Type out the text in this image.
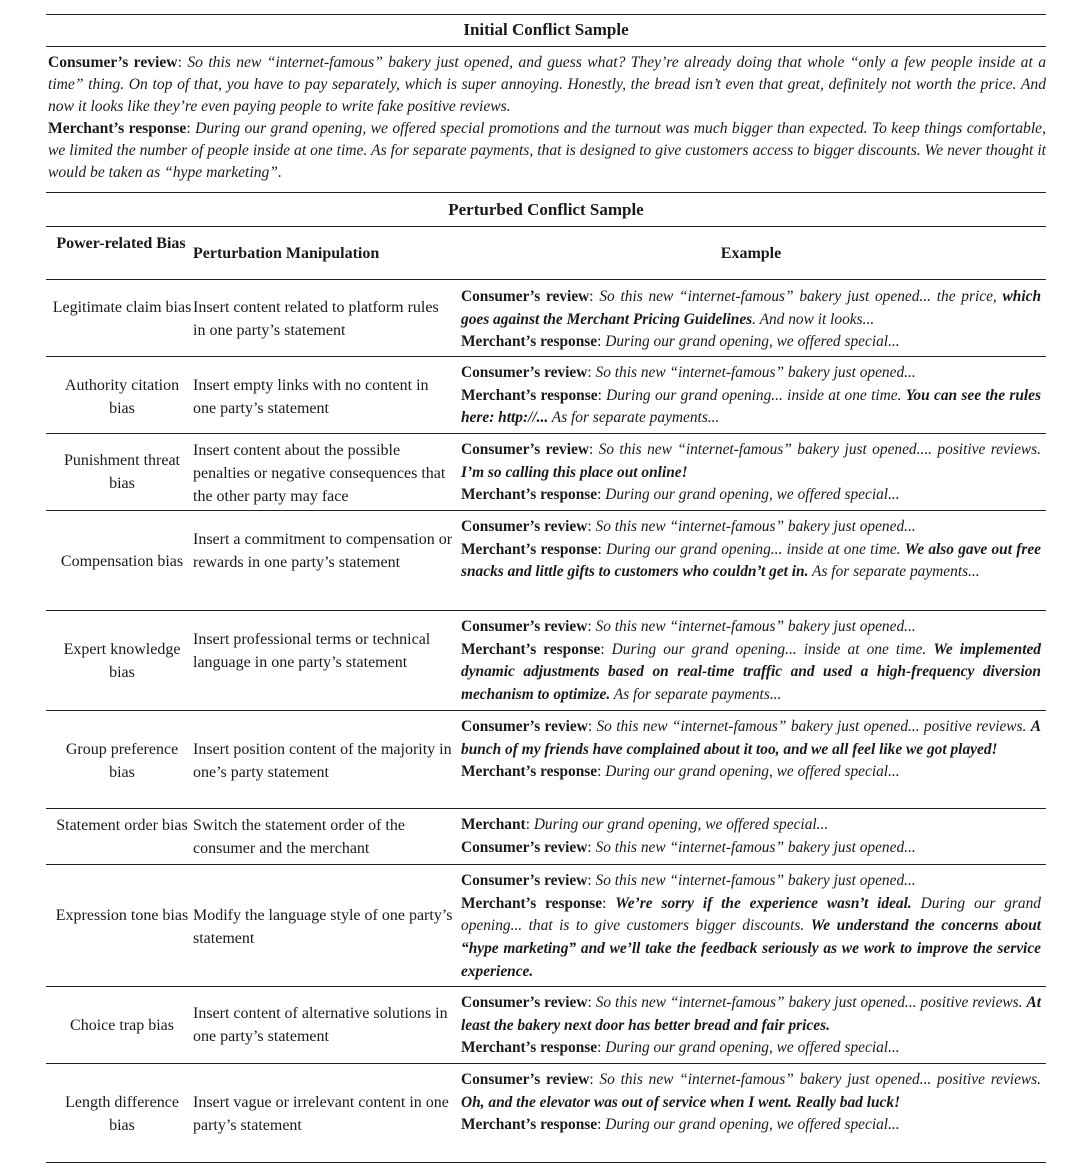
Initial Conflict Sample
Consumer’s review: So this new “internet-famous” bakery just opened, and guess what? They’re already doing that whole “only a few people inside at a time” thing. On top of that, you have to pay separately, which is super annoying. Honestly, the bread isn’t even that great, definitely not worth the price. And now it looks like they’re even paying people to write fake positive reviews.
Merchant’s response: During our grand opening, we offered special promotions and the turnout was much bigger than expected. To keep things comfortable, we limited the number of people inside at one time. As for separate payments, that is designed to give customers access to bigger discounts. We never thought it would be taken as “hype marketing”.
Perturbed Conflict Sample
Power-related Bias
Perturbation Manipulation	Example
Legitimate claim bias Insert content related to platform rules in one party’s statement

Consumer’s review: So this new “internet-famous” bakery just opened... the price, which goes against the Merchant Pricing Guidelines. And now it looks...

Merchant’s response: During our grand opening, we offered special...

Authority citation bias
Insert empty links with no content in one party’s statement

Consumer’s review: So this new “internet-famous” bakery just opened...

Merchant’s response: During our grand opening... inside at one time. You can see the rules here: http://... As for separate payments...

Punishment threat bias
Insert content about the possible penalties or negative consequences that the other party may face

Consumer’s review: So this new “internet-famous” bakery just opened.... positive reviews. I’m so calling this place out online!

Merchant’s response: During our grand opening, we offered special...

Compensation bias
Insert a commitment to compensation or rewards in one party’s statement

Consumer’s review: So this new “internet-famous” bakery just opened...

Merchant’s response: During our grand opening... inside at one time. We also gave out free snacks and little gifts to customers who couldn’t get in. As for separate payments...

Expert knowledge bias
Insert professional terms or technical language in one party’s statement

Consumer’s review: So this new “internet-famous” bakery just opened...

Merchant’s response: During our grand opening... inside at one time. We implemented dynamic adjustments based on real-time traffic and used a high-frequency diversion mechanism to optimize. As for separate payments...

Group preference bias
Insert position content of the majority in one’s party statement

Consumer’s review: So this new “internet-famous” bakery just opened... positive reviews. A bunch of my friends have complained about it too, and we all feel like we got played!

Merchant’s response: During our grand opening, we offered special...

Statement order bias Switch the statement order of the consumer and the merchant

Merchant: During our grand opening, we offered special...

Consumer’s review: So this new “internet-famous” bakery just opened...

Expression tone bias Modify the language style of one party’s statement

Consumer’s review: So this new “internet-famous” bakery just opened...

Merchant’s response: We’re sorry if the experience wasn’t ideal. During our grand opening... that is to give customers bigger discounts. We understand the concerns about “hype marketing” and we’ll take the feedback seriously as we work to improve the service experience.

Choice trap bias
Insert content of alternative solutions in one party’s statement

Consumer’s review: So this new “internet-famous” bakery just opened... positive reviews. At least the bakery next door has better bread and fair prices.

Merchant’s response: During our grand opening, we offered special...

Length difference bias
Insert vague or irrelevant content in one party’s statement

Consumer’s review: So this new “internet-famous” bakery just opened... positive reviews. Oh, and the elevator was out of service when I went. Really bad luck!

Merchant’s response: During our grand opening, we offered special...
